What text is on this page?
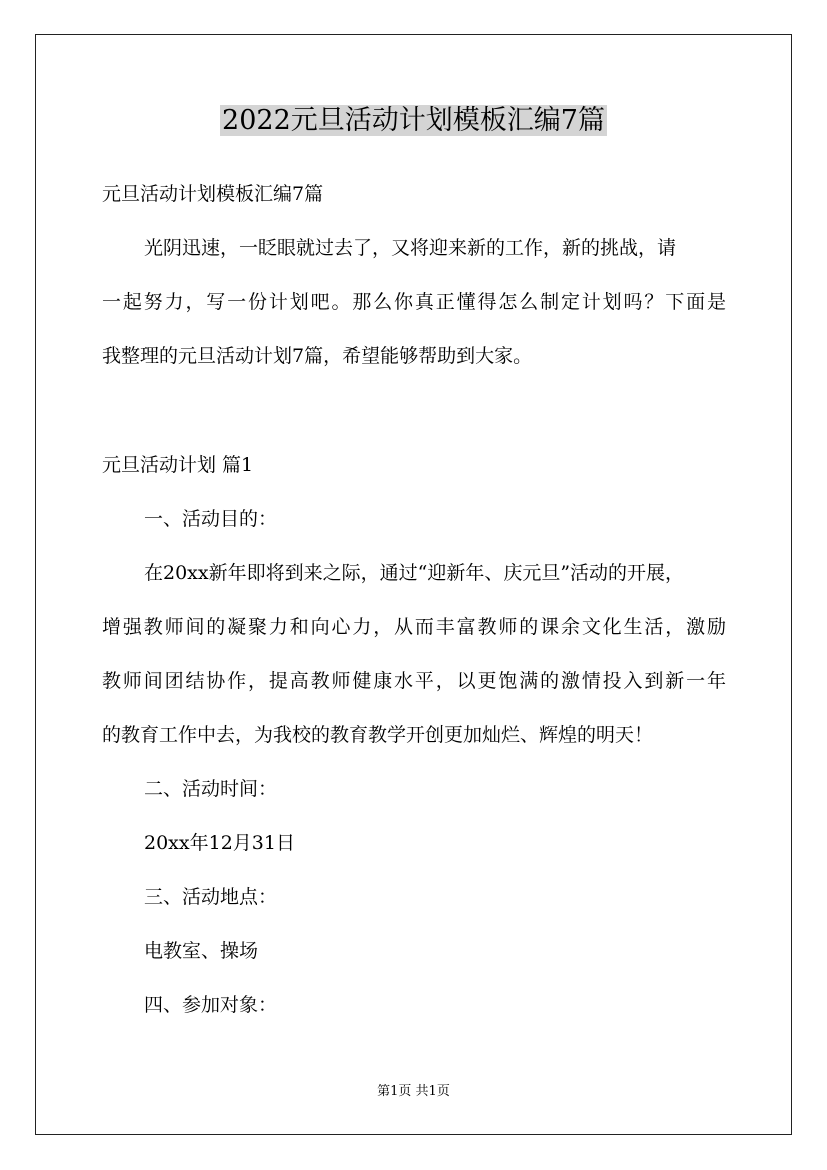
2022元旦活动计划模板汇编7篇
元旦活动计划模板汇编7篇
光阴迅速，一眨眼就过去了，又将迎来新的工作，新的挑战，请
一起努力，写一份计划吧。那么你真正懂得怎么制定计划吗？下面是
我整理的元旦活动计划7篇，希望能够帮助到大家。
元旦活动计划 篇1
一、活动目的：
在20xx新年即将到来之际，通过“迎新年、庆元旦”活动的开展，
增强教师间的凝聚力和向心力，从而丰富教师的课余文化生活，激励
教师间团结协作，提高教师健康水平，以更饱满的激情投入到新一年
的教育工作中去，为我校的教育教学开创更加灿烂、辉煌的明天！
二、活动时间：
20xx年12月31日
三、活动地点：
电教室、操场
四、参加对象：
第1页 共1页
